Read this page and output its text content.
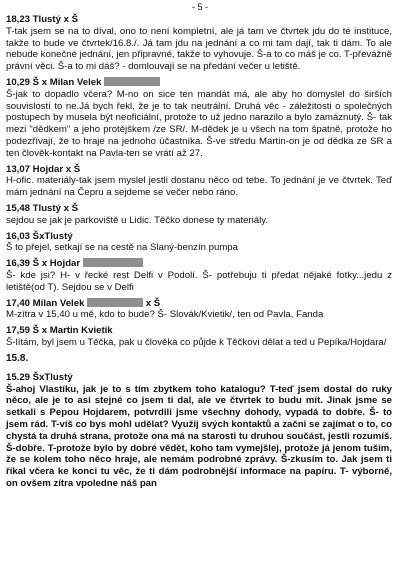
- 5 -
18,23 Tlustý x Š
T-tak jsem se na to díval, ono to není kompletní, ale já tam ve čtvrtek jdu do té instituce, takže to bude ve čtvrtek/16.8./. Já tam jdu na jednání a co mi tam dají, tak ti dám. To ale nebude konečné jednání, jen připravné, takže to vyhovuje. Š-a to co máš je co. T-převážně právní věci. Š-a to mi dáš? - domlouvají se na předání večer u letiště.
10,29 Š x Milan Velek
Š-jak to dopadlo včera? M-no on sice ten mandát má, ale aby ho domyslel do širších souvislostí to ne.Já bych řekl, že je to tak neutrální. Druhá věc - záležitosti o společných postupech by musela být neoficiální, protože to už jedno narazilo a bylo zamáznutý. Š- tak mezi "dědkem" a jeho protějškem /ze SR/. M-dědek je u všech na tom špatně, protože ho podezřívají, že to hraje na jednoho účastníka. Š-ve středu Martin-on je od dědka ze SR a ten člověk-kontakt na Pavla-ten se vrátí až 27.
13,07 Hojdar x Š
H-ofic. materiály-tak jsem myslel jestli dostanu něco od tebe. To jednání je ve čtvrtek. Teď mám jednání na Čepru a sejdeme se večer nebo ráno.
15,48 Tlustý x Š
sejdou se jak je parkoviště u Lidic. Těčko donese ty materiály.
16,03 ŠxTlustý
Š to přejel, setkají se na cestě na Slaný-benzín pumpa
16,39 Š x Hojdar
Š- kde jsi? H- v řecké rest Delfi v Podolí. Š- potřebuju ti předat nějaké fotky...jedu z letiště(od T). Sejdou se v Delfi
17,40 Milan Velek	x Š
M-zítra v 15,40 u mě, kdo to bude? Š- Slovák/Kvietik/, ten od Pavla, Fanda
17,59 Š x Martin Kvietik
Š-lítám, byl jsem u Těčka, pak u člověka co půjde k Těčkovi dělat a ted u Pepíka/Hojdara/
15.8.
15.29 ŠxTlustý
Š-ahoj Vlastíku, jak je to s tím zbytkem toho katalogu? T-teď jsem dostal do ruky něco, ale je to asi stejné co jsem ti dal, ale ve čtvrtek to budu mít. Jinak jsme se setkali s Pepou Hojdarem, potvrdili jsme všechny dohody, vypadá to dobře. Š- to jsem rád. T-víš co bys mohl udělat? Využij svých kontaktů a začni se zajímat o to, co chystá ta druhá strana, protože ona má na starosti tu druhou součást, jestli rozumíš. Š-dobře. T-protože bylo by dobré vědět, koho tam vymejšlej, protože já jenom tuším, že se kolem toho něco hraje, ale nemám podrobné zprávy. Š-zkusím to. Jak jsem ti říkal včera ke konci tu věc, že ti dám podrobnější informace na papíru. T- výborně, on ovšem zítra vpoledne náš pan
